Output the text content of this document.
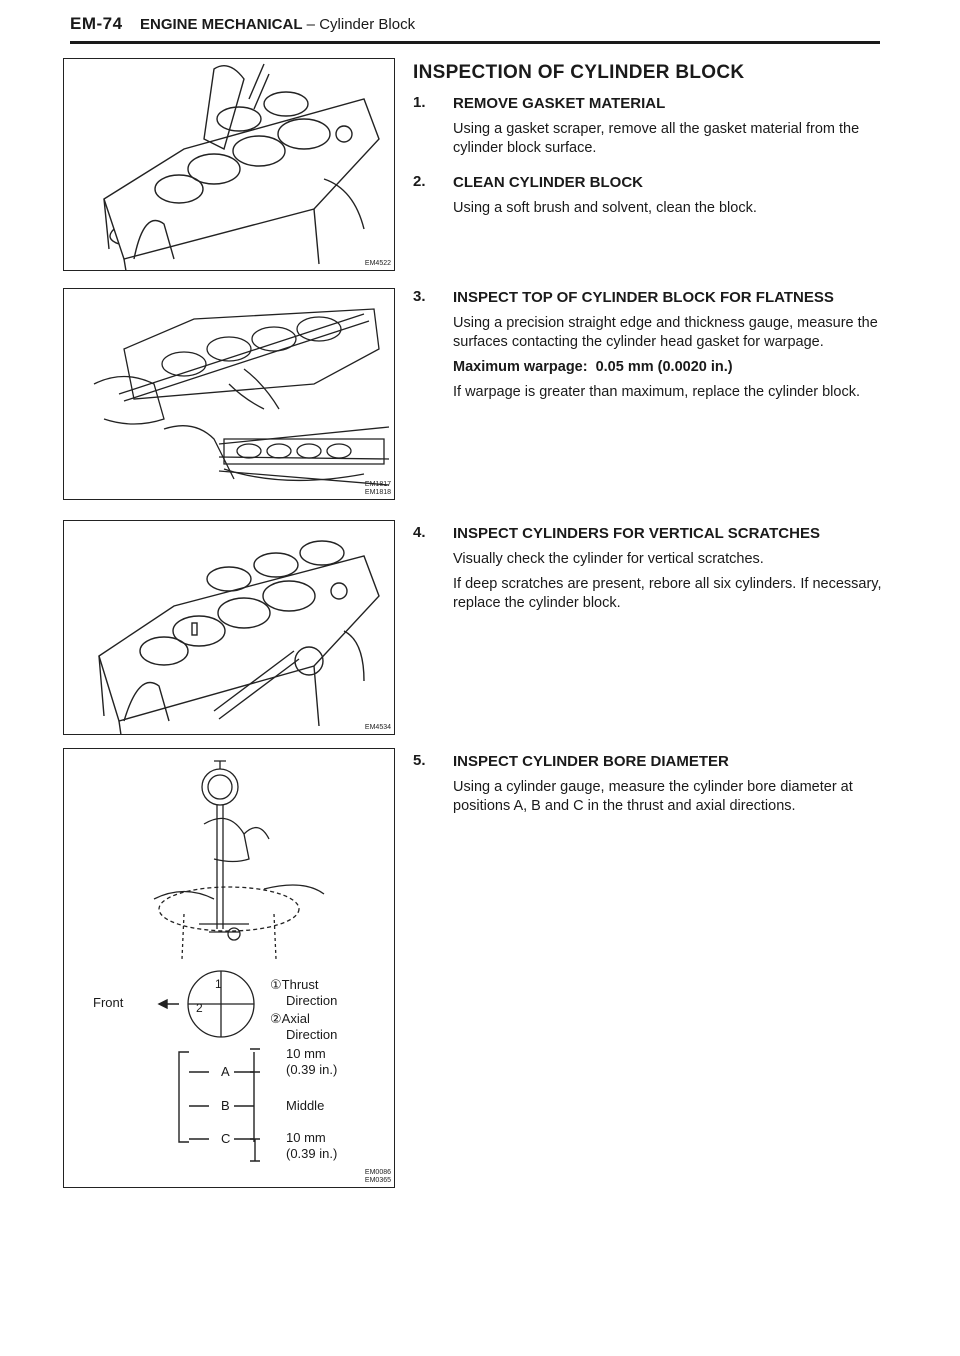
EM-74 ENGINE MECHANICAL – Cylinder Block
EM4522
EM1817
EM1818
EM4534
Front
1
2
①Thrust
Direction
②Axial
Direction
A
B
C
10 mm
(0.39 in.)
Middle
10 mm
(0.39 in.)
EM0086
EM0365
INSPECTION OF CYLINDER BLOCK
1. REMOVE GASKET MATERIAL
Using a gasket scraper, remove all the gasket material from the cylinder block surface.
2. CLEAN CYLINDER BLOCK
Using a soft brush and solvent, clean the block.
3. INSPECT TOP OF CYLINDER BLOCK FOR FLATNESS
Using a precision straight edge and thickness gauge, measure the surfaces contacting the cylinder head gasket for warpage.
Maximum warpage: 0.05 mm (0.0020 in.)
If warpage is greater than maximum, replace the cylinder block.
4. INSPECT CYLINDERS FOR VERTICAL SCRATCHES
Visually check the cylinder for vertical scratches.
If deep scratches are present, rebore all six cylinders. If necessary, replace the cylinder block.
5. INSPECT CYLINDER BORE DIAMETER
Using a cylinder gauge, measure the cylinder bore diameter at positions A, B and C in the thrust and axial directions.
